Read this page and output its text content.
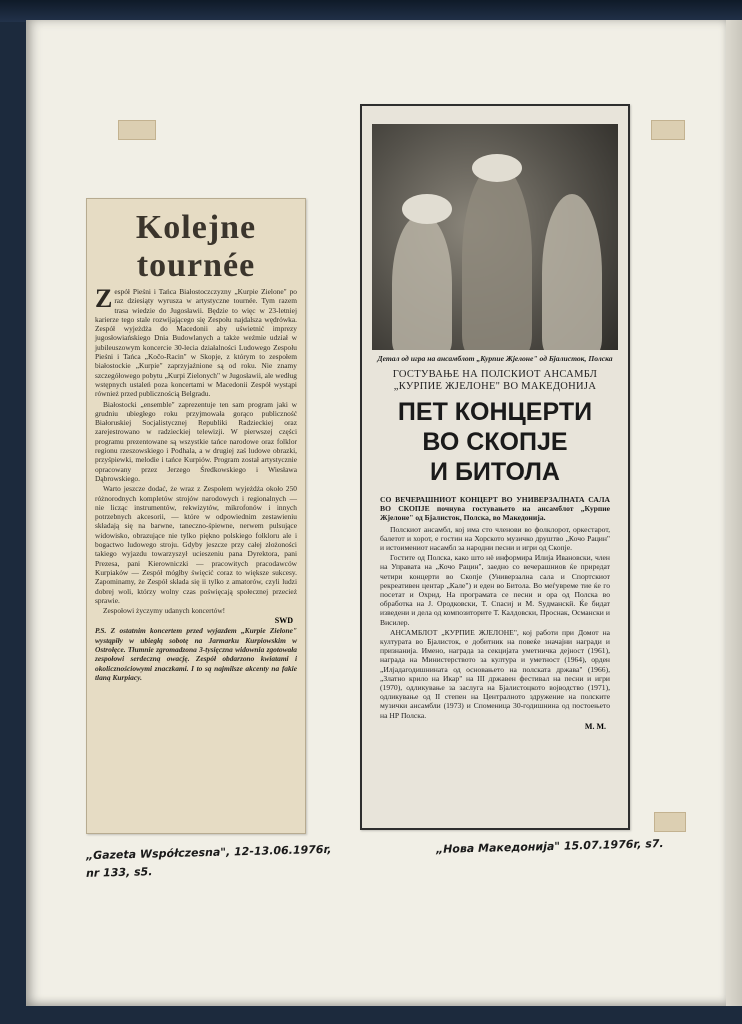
Kolejne
tournée

Zespół Pieśni i Tańca Białostoczczyzny „Kurpie Zielone" po raz dziesiąty wyrusza w artystyczne tournée. Tym razem trasa wiedzie do Jugosławii. Będzie to więc w 23-letniej karierze tego stale rozwijającego się Zespołu najdalsza wędrówka. Zespół wyjeżdża do Macedonii aby uświetnić imprezy jugosłowiańskiego Dnia Budowlanych a także weźmie udział w jubileuszowym koncercie 30-lecia działalności Ludowego Zespołu Pieśni i Tańca „Kočo-Racin" w Skopje, z którym to zespołem białostockie „Kurpie" zaprzyjaźnione są od roku. Nie znamy szczegółowego pobytu „Kurpi Zielonych" w Jugosławii, ale według wstępnych ustaleń poza koncertami w Macedonii Zespół wystąpi również przed publicznością Belgradu.

Białostocki „ensemble" zaprezentuje ten sam program jaki w grudniu ubiegłego roku przyjmowała gorąco publiczność Białoruskiej Socjalistycznej Republiki Radzieckiej oraz zarejestrowano w radzieckiej telewizji. W pierwszej części programu prezentowane są wszystkie tańce narodowe oraz folklor regionu rzeszowskiego i Podhala, a w drugiej zaś ludowe obrazki, przyśpiewki, melodie i tańce Kurpiów. Program został artystycznie opracowany przez Jerzego Średkowskiego i Wiesława Dąbrowskiego.

Warto jeszcze dodać, że wraz z Zespołem wyjeżdża około 250 różnorodnych kompletów strojów narodowych i regionalnych — nie licząc instrumentów, rekwizytów, mikrofonów i innych potrzebnych akcesorii, — które w odpowiednim zestawieniu składają się na barwne, taneczno-śpiewne, nerwem pulsujące widowisko, obrazujące nie tylko piękno polskiego folkloru ale i bogactwo ludowego stroju. Gdyby jeszcze przy całej złożoności takiego wyjazdu towarzyszył ucieszeniu pana Dyrektora, pani Prezesa, pani Kierowniczki — pracowitych pracodawców Kurpiaków — Zespół mógłby święcić coraz to większe sukcesy. Zapominamy, że Zespół składa się ii tylko z amatorów, czyli ludzi dobrej woli, którzy wolny czas poświęcają społecznej przecież sprawie.

Zespołowi życzymy udanych koncertów!

SWD
P.S. Z ostatnim koncertem przed wyjazdem „Kurpie Zielone" wystąpiły w ubiegłą sobotę na Jarmarku Kurpiowskim w Ostrołęce. Tłumnie zgromadzona 3-tysięczna widownia zgotowała zespołowi serdeczną owację. Zespół obdarzono kwiatami i okolicznościowymi znaczkami. I to są najmilsze akcenty na fakie tlaną Kurpiacy.
Детал од игра на ансамблот „Курпие Жјелоне" од Бјалисток, Полска
ГОСТУВАЊЕ НА ПОЛСКИОТ АНСАМБЛ „КУРПИЕ ЖЈЕЛОНЕ" ВО МАКЕДОНИЈА
ПЕТ КОНЦЕРТИ
ВО СКОПЈЕ
И БИТОЛА
СО ВЕЧЕРАШНИОТ КОНЦЕРТ ВО УНИВЕРЗАЛНАТА САЛА ВО СКОПЈЕ почнува гостувањето на ансамблот „Курпие Жјелоне" од Бјалисток, Полска, во Македонија.

Полскиот ансамбл, кој има сто членови во фолклорот, оркестарот, балетот и хорот, е гостин на Хорското музичко друштво „Кочо Рацин" и истоимениот насамбл за народни песни и игри од Скопје.

Гостите од Полска, како што нè информира Илија Ивановски, член на Управата на „Кочо Рацин", заедно со вечерашниов ќе приредат четири концерти во Скопје (Универзална сала и Спортскиот рекреативен центар „Кале") и еден во Битола. Во меѓувреме тие ќе го посетат и Охрид. На програмата се песни и ора од Полска во обработка на Ј. Ородковски, Т. Спасиј и М. Syдманскй. Ќе бидат изведени и дела од композиторите Т. Калдовски, Проснак, Османски и Висилер.

АНСАМБЛОТ „КУРПИЕ ЖЈЕЛОНЕ", кој работи при Домот на културата во Бјалисток, е добитник на повеќе значајни награди и признанија. Имено, награда за секцијата уметничка дејност (1961), награда на Министерството за култура и уметност (1964), орден „Илјадагодишнината од основањето на полската држава" (1966), „Златно крило на Икар" на III државен фестивал на песни и игри (1970), одликување за заслуга на Бјалистоцкото војводство (1971), одликување од II степен на Централното здружение на полските музички ансамбли (1973) и Споменица 30-годишнина од постоењето на НР Полска.

М. М.
„Gazeta Współczesna", 12-13.06.1976r,
nr 133, s5.
„Нова Македонија" 15.07.1976r, s7.
